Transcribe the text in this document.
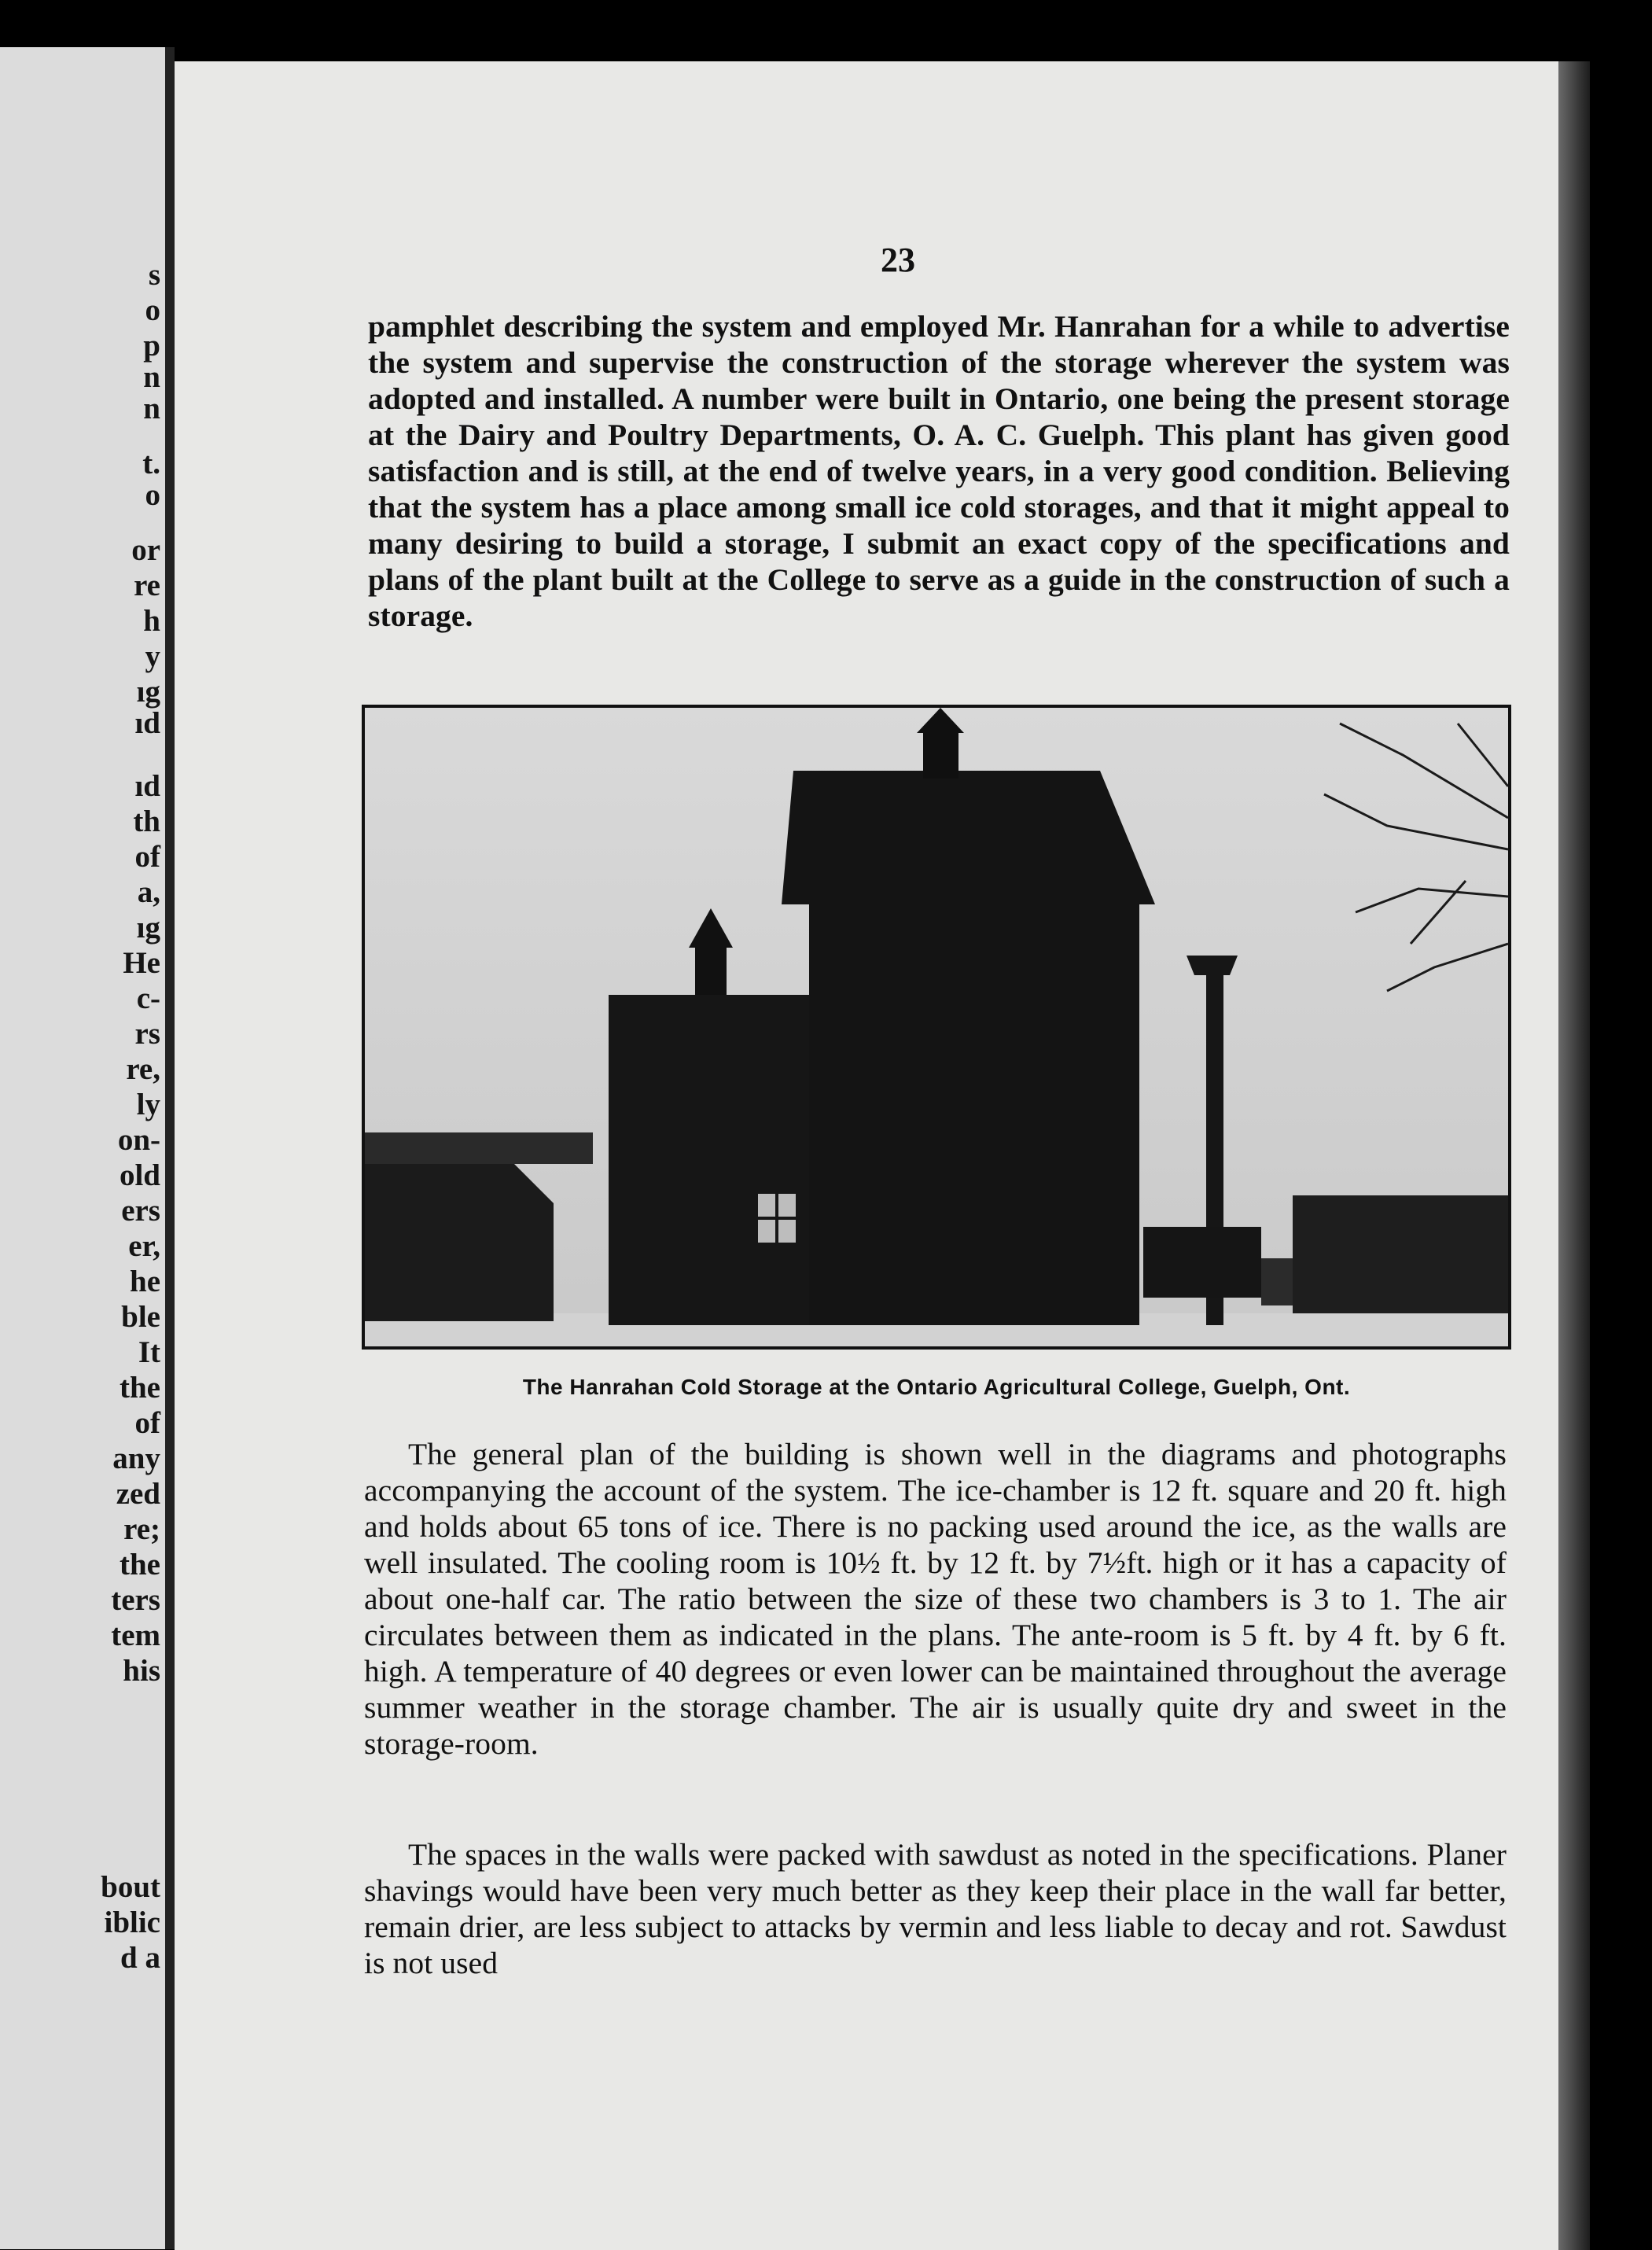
s
o
p
n
n
t.
o
or
re
h
y
ıg
ıd
ıd
th
of
a,
ıg
He
c-
rs
re,
ly
on-
old
ers
er,
he
ble
It
the
of
any
zed
re;
the
ters
tem
his
bout
iblic
d a
23

pamphlet describing the system and employed Mr. Hanrahan for a while to advertise the system and supervise the construction of the storage wherever the system was adopted and installed. A number were built in Ontario, one being the present storage at the Dairy and Poultry Departments, O. A. C. Guelph. This plant has given good satisfaction and is still, at the end of twelve years, in a very good condition. Believing that the system has a place among small ice cold storages, and that it might appeal to many desiring to build a storage, I submit an exact copy of the specifications and plans of the plant built at the College to serve as a guide in the construction of such a storage.

The Hanrahan Cold Storage at the Ontario Agricultural College, Guelph, Ont.

The general plan of the building is shown well in the diagrams and photographs accompanying the account of the system. The ice-chamber is 12 ft. square and 20 ft. high and holds about 65 tons of ice. There is no packing used around the ice, as the walls are well insulated. The cooling room is 10½ ft. by 12 ft. by 7½ft. high or it has a capacity of about one-half car. The ratio between the size of these two chambers is 3 to 1. The air circulates between them as indicated in the plans. The ante-room is 5 ft. by 4 ft. by 6 ft. high. A temperature of 40 degrees or even lower can be maintained throughout the average summer weather in the storage chamber. The air is usually quite dry and sweet in the storage-room.

The spaces in the walls were packed with sawdust as noted in the specifications. Planer shavings would have been very much better as they keep their place in the wall far better, remain drier, are less subject to attacks by vermin and less liable to decay and rot. Sawdust is not used
